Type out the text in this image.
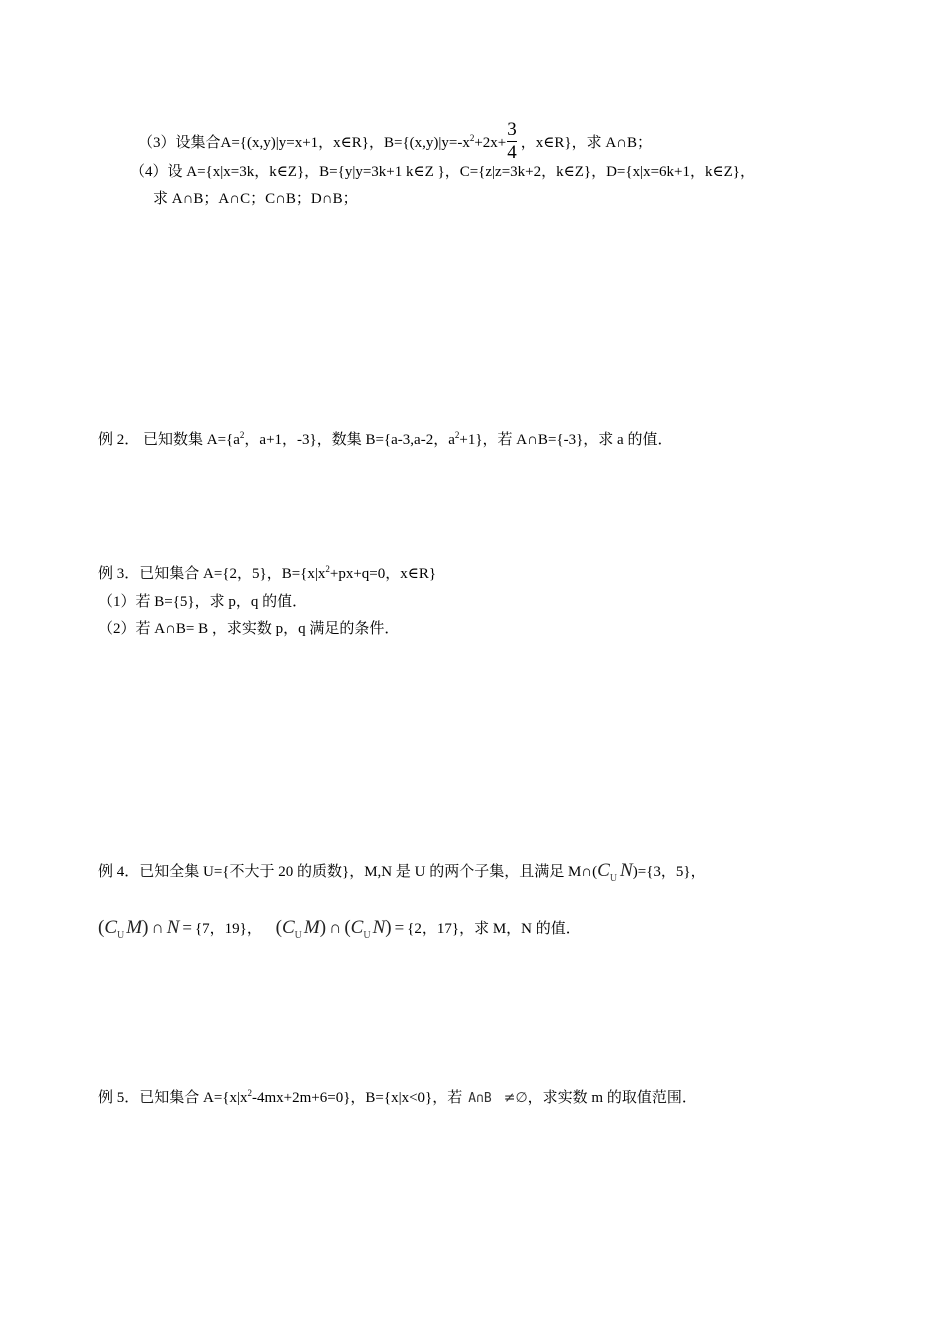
（3）设集合A={(x,y)|y=x+1，x∈R}，$B=\{(x,y)|y=-x^2+2x+ \frac{3}{4}$ ，x∈R}，求 A∩B；
（4）设 A={x|x=3k，k∈Z}，B={y|y=3k+1 k∈Z }，C={z|z=3k+2，k∈Z}，D={x|x=6k+1，k∈Z}，
求 A∩B；A∩C；C∩B；D∩B；
例 2． 已知数集 $A=\{a^2$，a+1，-3}，数集 B={a-3,a-2，$a^2+1$}，若 A∩B={-3}，求 a 的值．
例 3．已知集合 A={2，5}，$B=\{x|x^2+px+q=0$，x∈R}
（1）若 B={5}，求 p，q 的值．
（2）若 A∩B= B ，求实数 p，q 满足的条件．
例 4．已知全集 U={不大于 20 的质数}，M,N 是 U 的两个子集，且满足 $M\cap(C_U$ N)={3，5}，
($C_U$ M) ∩ N = {7，19}， ($C_U$ M) ∩ ($C_U$ N) = {2，17}，求 M，N 的值．
例 5．已知集合 $A=\{x|x^2-4mx+2m+6=0\}$，B={x|x<0}，若 A∩B ≠∅，求实数 m 的取值范围．
